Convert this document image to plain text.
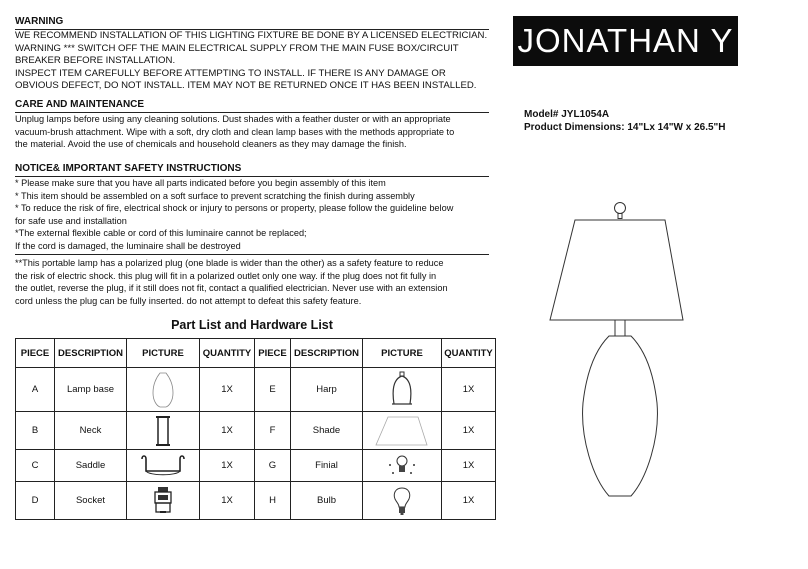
WARNING
WE RECOMMEND INSTALLATION OF THIS LIGHTING FIXTURE BE DONE BY A LICENSED ELECTRICIAN.
WARNING *** SWITCH OFF THE MAIN ELECTRICAL SUPPLY FROM THE MAIN FUSE BOX/CIRCUIT
BREAKER BEFORE INSTALLATION.
INSPECT ITEM CAREFULLY BEFORE ATTEMPTING TO INSTALL. IF THERE IS ANY DAMAGE OR
OBVIOUS DEFECT, DO NOT INSTALL. ITEM MAY NOT BE RETURNED ONCE IT HAS BEEN INSTALLED.
CARE AND MAINTENANCE
Unplug lamps before using any cleaning solutions. Dust shades with a feather duster or with an appropriate
vacuum-brush attachment. Wipe with a soft, dry cloth and clean lamp bases with the methods appropriate to
the material. Avoid the use of chemicals and household cleaners as they may damage the finish.
NOTICE& IMPORTANT SAFETY INSTRUCTIONS
* Please make sure that you have all parts indicated before you begin assembly of this item
* This item should be assembled on a soft surface to prevent scratching the finish during assembly
* To reduce the risk of fire, electrical shock or injury to persons or property, please follow the guideline below
for safe use and installation
*The external flexible cable or cord of this luminaire cannot be replaced;
If the cord is damaged, the luminaire shall be destroyed
**This portable lamp has a polarized plug (one blade is wider than the other) as a safety feature to reduce
the risk of electric shock. this plug will fit in a polarized outlet only one way. if the plug does not fit fully in
the outlet, reverse the plug, if it still does not fit, contact a qualified electrician. Never use with an extension
cord unless the plug can be fully inserted. do not attempt to defeat this safety feature.
JONATHAN Y
Model# JYL1054A
Product Dimensions: 14"Lx 14"W x 26.5"H
Part List and Hardware List
PIECE	DESCRIPTION	PICTURE	QUANTITY	PIECE	DESCRIPTION	PICTURE	QUANTITY
A	Lamp base		1X	E	Harp		1X
B	Neck		1X	F	Shade		1X
C	Saddle		1X	G	Finial		1X
D	Socket		1X	H	Bulb		1X
